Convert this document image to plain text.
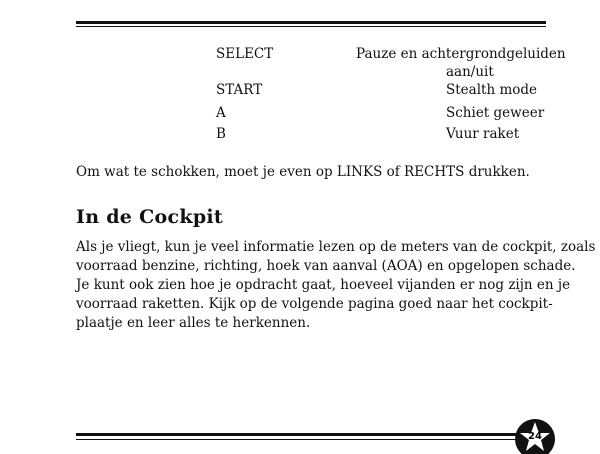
SELECT	Pauze en achtergrondgeluiden
aan/uit
START	Stealth mode
A	Schiet geweer
B	Vuur raket
Om wat te schokken, moet je even op LINKS of RECHTS drukken.
In de Cockpit
Als je vliegt, kun je veel informatie lezen op de meters van de cockpit, zoals
voorraad benzine, richting, hoek van aanval (AOA) en opgelopen schade.
Je kunt ook zien hoe je opdracht gaat, hoeveel vijanden er nog zijn en je
voorraad raketten. Kijk op de volgende pagina goed naar het cockpit-
plaatje en leer alles te herkennen.
24
